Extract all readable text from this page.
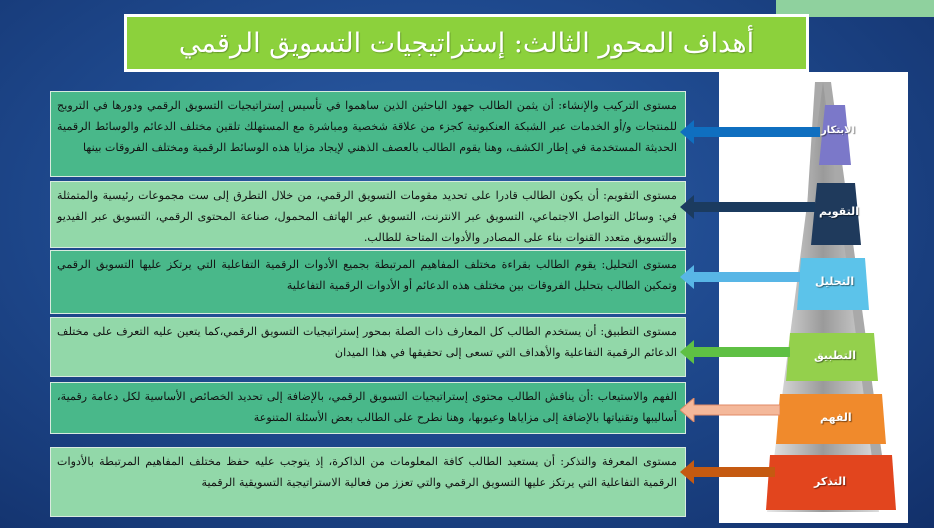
أهداف المحور الثالث: إستراتيجيات التسويق الرقمي
الابتكار
التقويم
التحليل
التطبيق
الفهم
التذكر
مستوى التركيب والإنشاء: أن يثمن الطالب جهود الباحثين الذين ساهموا في تأسيس إستراتيجيات التسويق الرقمي ودورها في الترويج للمنتجات و/أو الخدمات عبر الشبكة العنكبوتية كجزء من علاقة شخصية ومباشرة مع المستهلك تلقين مختلف الدعائم والوسائط الرقمية الحديثة المستخدمة في إطار الكشف، وهنا يقوم الطالب بالعصف الذهني لإيجاد مزايا هذه الوسائط الرقمية ومختلف الفروقات بينها
مستوى التقويم: أن يكون الطالب قادرا على تحديد مقومات التسويق الرقمي، من خلال التطرق إلى ست مجموعات رئيسية والمتمثلة في: وسائل التواصل الاجتماعي، التسويق عبر الانترنت، التسويق عبر الهاتف المحمول، صناعة المحتوى الرقمي، التسويق عبر الفيديو والتسويق متعدد القنوات بناء على المصادر والأدوات المتاحة للطالب.
مستوى التحليل: يقوم الطالب بقراءة مختلف المفاهيم المرتبطة بجميع الأدوات الرقمية التفاعلية التي يرتكز عليها التسويق الرقمي وتمكين الطالب بتحليل الفروقات بين مختلف هذه الدعائم أو الأدوات الرقمية التفاعلية
مستوى التطبيق: أن يستخدم الطالب كل المعارف ذات الصلة بمحور إستراتيجيات التسويق الرقمي،كما يتعين عليه التعرف على مختلف الدعائم الرقمية التفاعلية والأهداف التي تسعى إلى تحقيقها في هذا الميدان
الفهم والاستيعاب :أن يناقش الطالب محتوى إستراتيجيات التسويق الرقمي، بالإضافة إلى تحديد الخصائص الأساسية لكل دعامة رقمية، أساليبها وتقنياتها بالإضافة إلى مزاياها وعيوبها، وهنا نطرح على الطالب بعض الأسئلة المتنوعة
مستوى المعرفة والتذكر: أن يستعيد الطالب كافة المعلومات من الذاكرة، إذ يتوجب عليه حفظ مختلف المفاهيم المرتبطة بالأدوات الرقمية التفاعلية التي يرتكز عليها التسويق الرقمي والتي تعزز من فعالية الاستراتيجية التسويقية الرقمية
